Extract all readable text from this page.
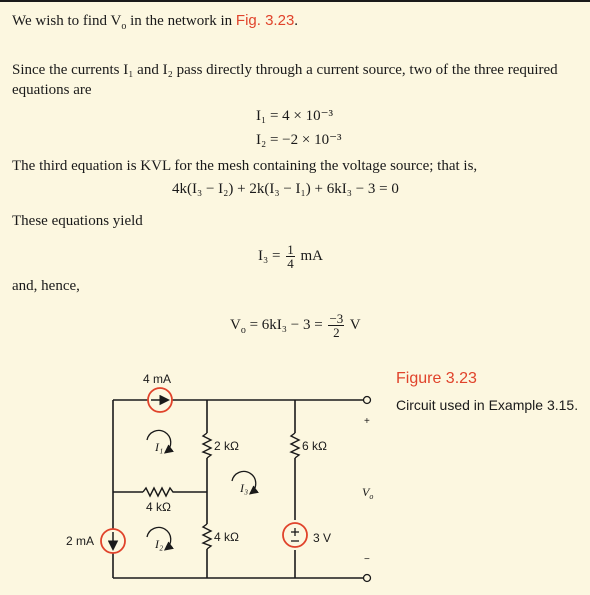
We wish to find $V_o$ in the network in Fig. 3.23.
Since the currents I₁ and I₂ pass directly through a current source, two of the three required equations are
I₁ = 4 × 10⁻³
I₂ = −2 × 10⁻³
The third equation is KVL for the mesh containing the voltage source; that is,
4k(I₃ − I₂) + 2k(I₃ − I₁) + 6kI₃ − 3 = 0
These equations yield
$I_3 = \frac{1}{4}$ mA
and, hence,
$V_o = 6kI_3 - 3 = \frac{-3}{2}$ V
Figure 3.23
Circuit used in Example 3.15.
4 mA
2 mA
2 kΩ	6 kΩ
4 kΩ
4 kΩ	3 V
I₁
I₂
I₃
+
$V_o$
−
